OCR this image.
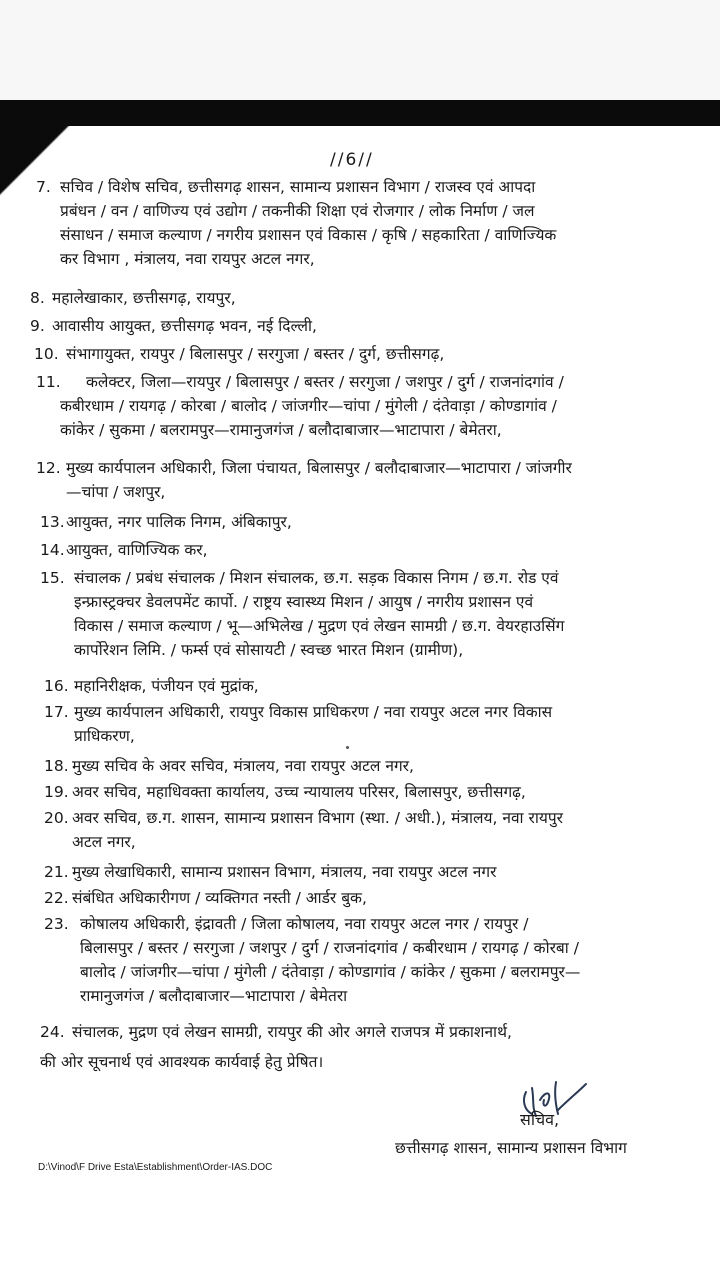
//6//
7. सचिव / विशेष सचिव, छत्तीसगढ़ शासन, सामान्य प्रशासन विभाग / राजस्व एवं आपदा
प्रबंधन / वन / वाणिज्य एवं उद्योग / तकनीकी शिक्षा एवं रोजगार / लोक निर्माण / जल
संसाधन / समाज कल्याण / नगरीय प्रशासन एवं विकास / कृषि / सहकारिता / वाणिज्यिक
कर विभाग , मंत्रालय, नवा रायपुर अटल नगर,
8. महालेखाकार, छत्तीसगढ़, रायपुर,
9. आवासीय आयुक्त, छत्तीसगढ़ भवन, नई दिल्ली,
10. संभागायुक्त, रायपुर / बिलासपुर / सरगुजा / बस्तर / दुर्ग, छत्तीसगढ़,
11. कलेक्टर, जिला—रायपुर / बिलासपुर / बस्तर / सरगुजा / जशपुर / दुर्ग / राजनांदगांव /
कबीरधाम / रायगढ़ / कोरबा / बालोद / जांजगीर—चांपा / मुंगेली / दंतेवाड़ा / कोण्डागांव /
कांकेर / सुकमा / बलरामपुर—रामानुजगंज / बलौदाबाजार—भाटापारा / बेमेतरा,
12. मुख्य कार्यपालन अधिकारी, जिला पंचायत, बिलासपुर / बलौदाबाजार—भाटापारा / जांजगीर
—चांपा / जशपुर,
13. आयुक्त, नगर पालिक निगम, अंबिकापुर,
14. आयुक्त, वाणिज्यिक कर,
15. संचालक / प्रबंध संचालक / मिशन संचालक, छ.ग. सड़क विकास निगम / छ.ग. रोड एवं
इन्फ्रास्ट्रक्चर डेवलपमेंट कार्पो. / राष्ट्रय स्वास्थ्य मिशन / आयुष / नगरीय प्रशासन एवं
विकास / समाज कल्याण / भू—अभिलेख / मुद्रण एवं लेखन सामग्री / छ.ग. वेयरहाउसिंग
कार्पोरेशन लिमि. / फर्म्स एवं सोसायटी / स्वच्छ भारत मिशन (ग्रामीण),
16. महानिरीक्षक, पंजीयन एवं मुद्रांक,
17. मुख्य कार्यपालन अधिकारी, रायपुर विकास प्राधिकरण / नवा रायपुर अटल नगर विकास
प्राधिकरण,
18. मुख्य सचिव के अवर सचिव, मंत्रालय, नवा रायपुर अटल नगर,
19. अवर सचिव, महाधिवक्ता कार्यालय, उच्च न्यायालय परिसर, बिलासपुर, छत्तीसगढ़,
20. अवर सचिव, छ.ग. शासन, सामान्य प्रशासन विभाग (स्था. / अधी.), मंत्रालय, नवा रायपुर
अटल नगर,
21. मुख्य लेखाधिकारी, सामान्य प्रशासन विभाग, मंत्रालय, नवा रायपुर अटल नगर
22. संबंधित अधिकारीगण / व्यक्तिगत नस्ती / आर्डर बुक,
23. कोषालय अधिकारी, इंद्रावती / जिला कोषालय, नवा रायपुर अटल नगर / रायपुर /
बिलासपुर / बस्तर / सरगुजा / जशपुर / दुर्ग / राजनांदगांव / कबीरधाम / रायगढ़ / कोरबा /
बालोद / जांजगीर—चांपा / मुंगेली / दंतेवाड़ा / कोण्डागांव / कांकेर / सुकमा / बलरामपुर—
रामानुजगंज / बलौदाबाजार—भाटापारा / बेमेतरा
24. संचालक, मुद्रण एवं लेखन सामग्री, रायपुर की ओर अगले राजपत्र में प्रकाशनार्थ,
की ओर सूचनार्थ एवं आवश्यक कार्यवाई हेतु प्रेषित।
सचिव,
छत्तीसगढ़ शासन, सामान्य प्रशासन विभाग
D:\Vinod\F Drive Esta\Establishment\Order-IAS.DOC
